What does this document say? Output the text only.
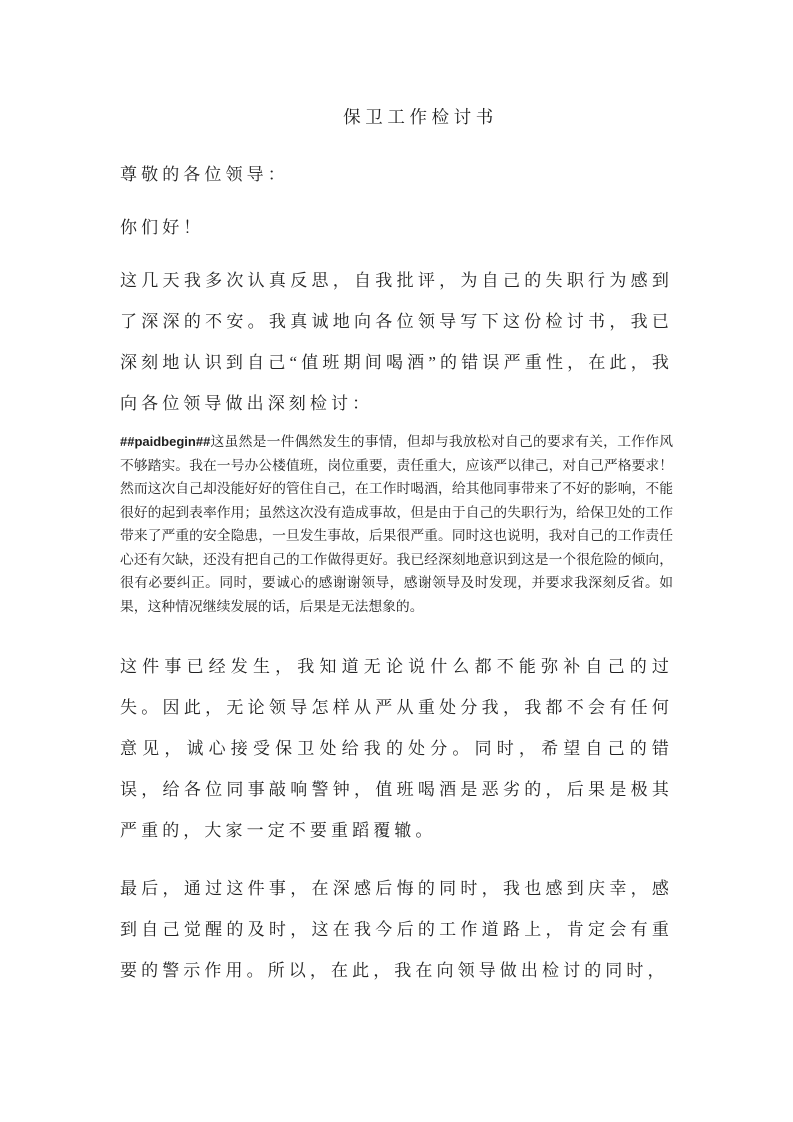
保卫工作检讨书

尊敬的各位领导：

你们好！

这几天我多次认真反思，自我批评，为自己的失职行为感到了深深的不安。我真诚地向各位领导写下这份检讨书，我已深刻地认识到自己“值班期间喝酒”的错误严重性，在此，我向各位领导做出深刻检讨：

##paidbegin##这虽然是一件偶然发生的事情，但却与我放松对自己的要求有关，工作作风不够踏实。我在一号办公楼值班，岗位重要，责任重大，应该严以律己，对自己严格要求！然而这次自己却没能好好的管住自己，在工作时喝酒，给其他同事带来了不好的影响，不能很好的起到表率作用；虽然这次没有造成事故，但是由于自己的失职行为，给保卫处的工作带来了严重的安全隐患，一旦发生事故，后果很严重。同时这也说明，我对自己的工作责任心还有欠缺，还没有把自己的工作做得更好。我已经深刻地意识到这是一个很危险的倾向，很有必要纠正。同时，要诚心的感谢谢领导，感谢领导及时发现，并要求我深刻反省。如果，这种情况继续发展的话，后果是无法想象的。

这件事已经发生，我知道无论说什么都不能弥补自己的过失。因此，无论领导怎样从严从重处分我，我都不会有任何意见，诚心接受保卫处给我的处分。同时，希望自己的错误，给各位同事敲响警钟，值班喝酒是恶劣的，后果是极其严重的，大家一定不要重蹈覆辙。

最后，通过这件事，在深感后悔的同时，我也感到庆幸，感到自己觉醒的及时，这在我今后的工作道路上，肯定会有重要的警示作用。所以，在此，我在向领导做出检讨的同时，
